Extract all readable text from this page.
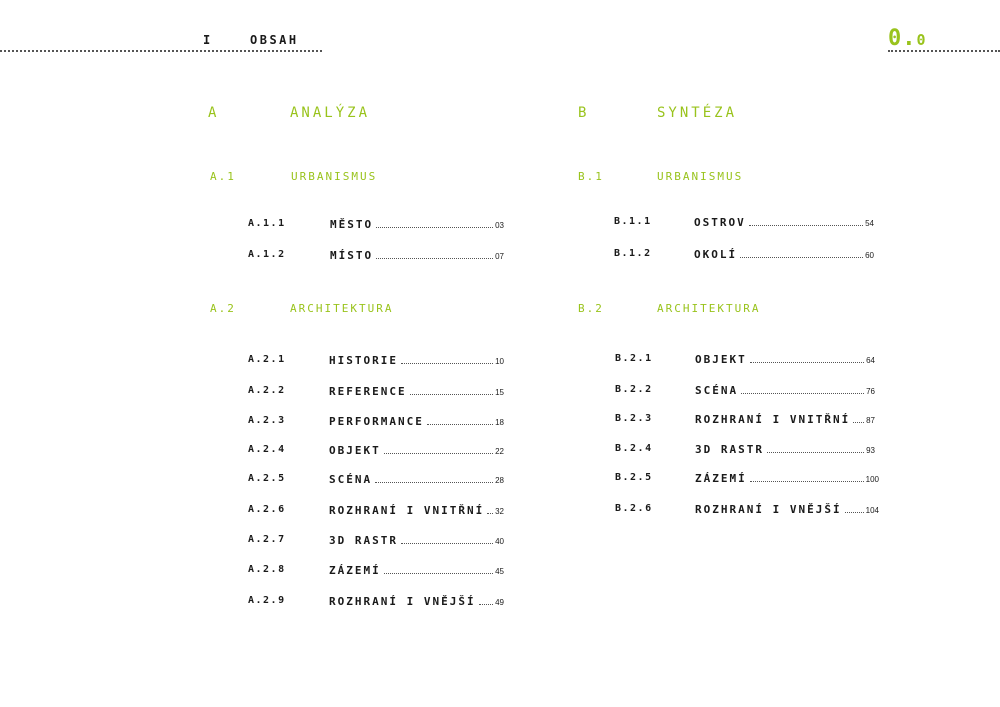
I	OBSAH	0.0
A	ANALÝZA
A.1	URBANISMUS
A.2	ARCHITEKTURA
A.1.1	MĚSTO	03
A.1.2	MÍSTO	07
A.2.1	HISTORIE	10
A.2.2	REFERENCE	15
A.2.3	PERFORMANCE	18
A.2.4	OBJEKT	22
A.2.5	SCÉNA	28
A.2.6	ROZHRANÍ I VNITŘNÍ 32
A.2.7	3D RASTR	40
A.2.8	ZÁZEMÍ	45
A.2.9	ROZHRANÍ I VNĚJŠÍ 49
B	SYNTÉZA
B.1	URBANISMUS
B.2	ARCHITEKTURA
B.1.1	OSTROV	54
B.1.2	OKOLÍ	60
B.2.1	OBJEKT	64
B.2.2	SCÉNA	76
B.2.3	ROZHRANÍ I VNITŘNÍ 87
B.2.4	3D RASTR	93
B.2.5	ZÁZEMÍ	100
B.2.6	ROZHRANÍ I VNĚJŠÍ	104
